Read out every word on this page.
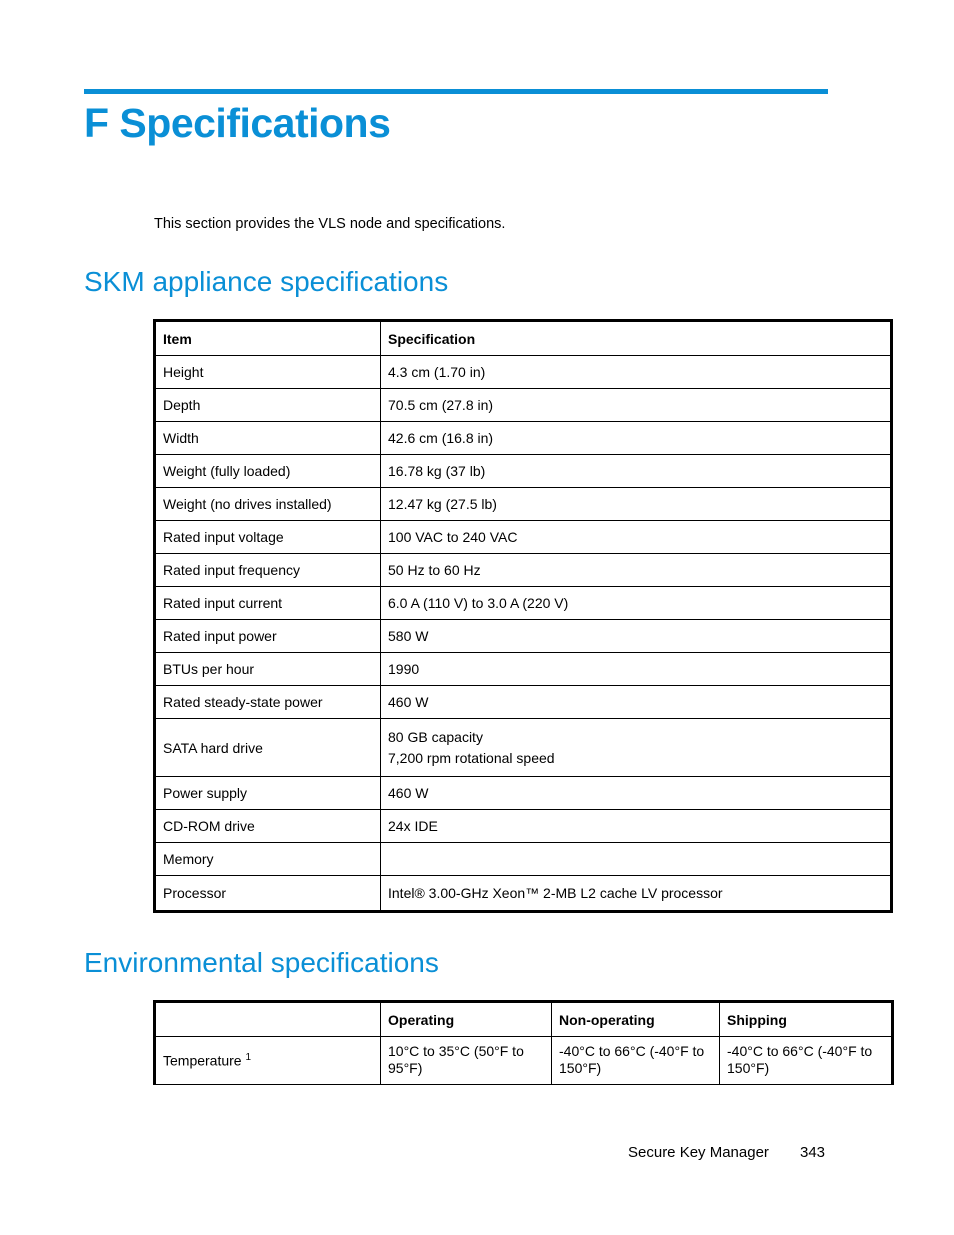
F Specifications

This section provides the VLS node and specifications.

SKM appliance specifications
Item	Specification
Height	4.3 cm (1.70 in)

Depth	70.5 cm (27.8 in)

Width	42.6 cm (16.8 in)

Weight (fully loaded)	16.78 kg (37 lb)

Weight (no drives installed)	12.47 kg (27.5 lb)

Rated input voltage	100 VAC to 240 VAC

Rated input frequency	50 Hz to 60 Hz

Rated input current	6.0 A (110 V) to 3.0 A (220 V)

Rated input power	580 W

BTUs per hour	1990

Rated steady-state power	460 W

SATA hard drive	80 GB capacity
7,200 rpm rotational speed

Power supply	460 W

CD-ROM drive	24x IDE

Memory	
Processor	Intel® 3.00-GHz Xeon™ 2-MB L2 cache LV processor
Environmental specifications
	Operating	Non-operating	Shipping
Temperature $^1$	10°C to 35°C (50°F to 95°F)	-40°C to 66°C (-40°F to 150°F)	-40°C to 66°C (-40°F to 150°F)
Secure Key Manager 343
